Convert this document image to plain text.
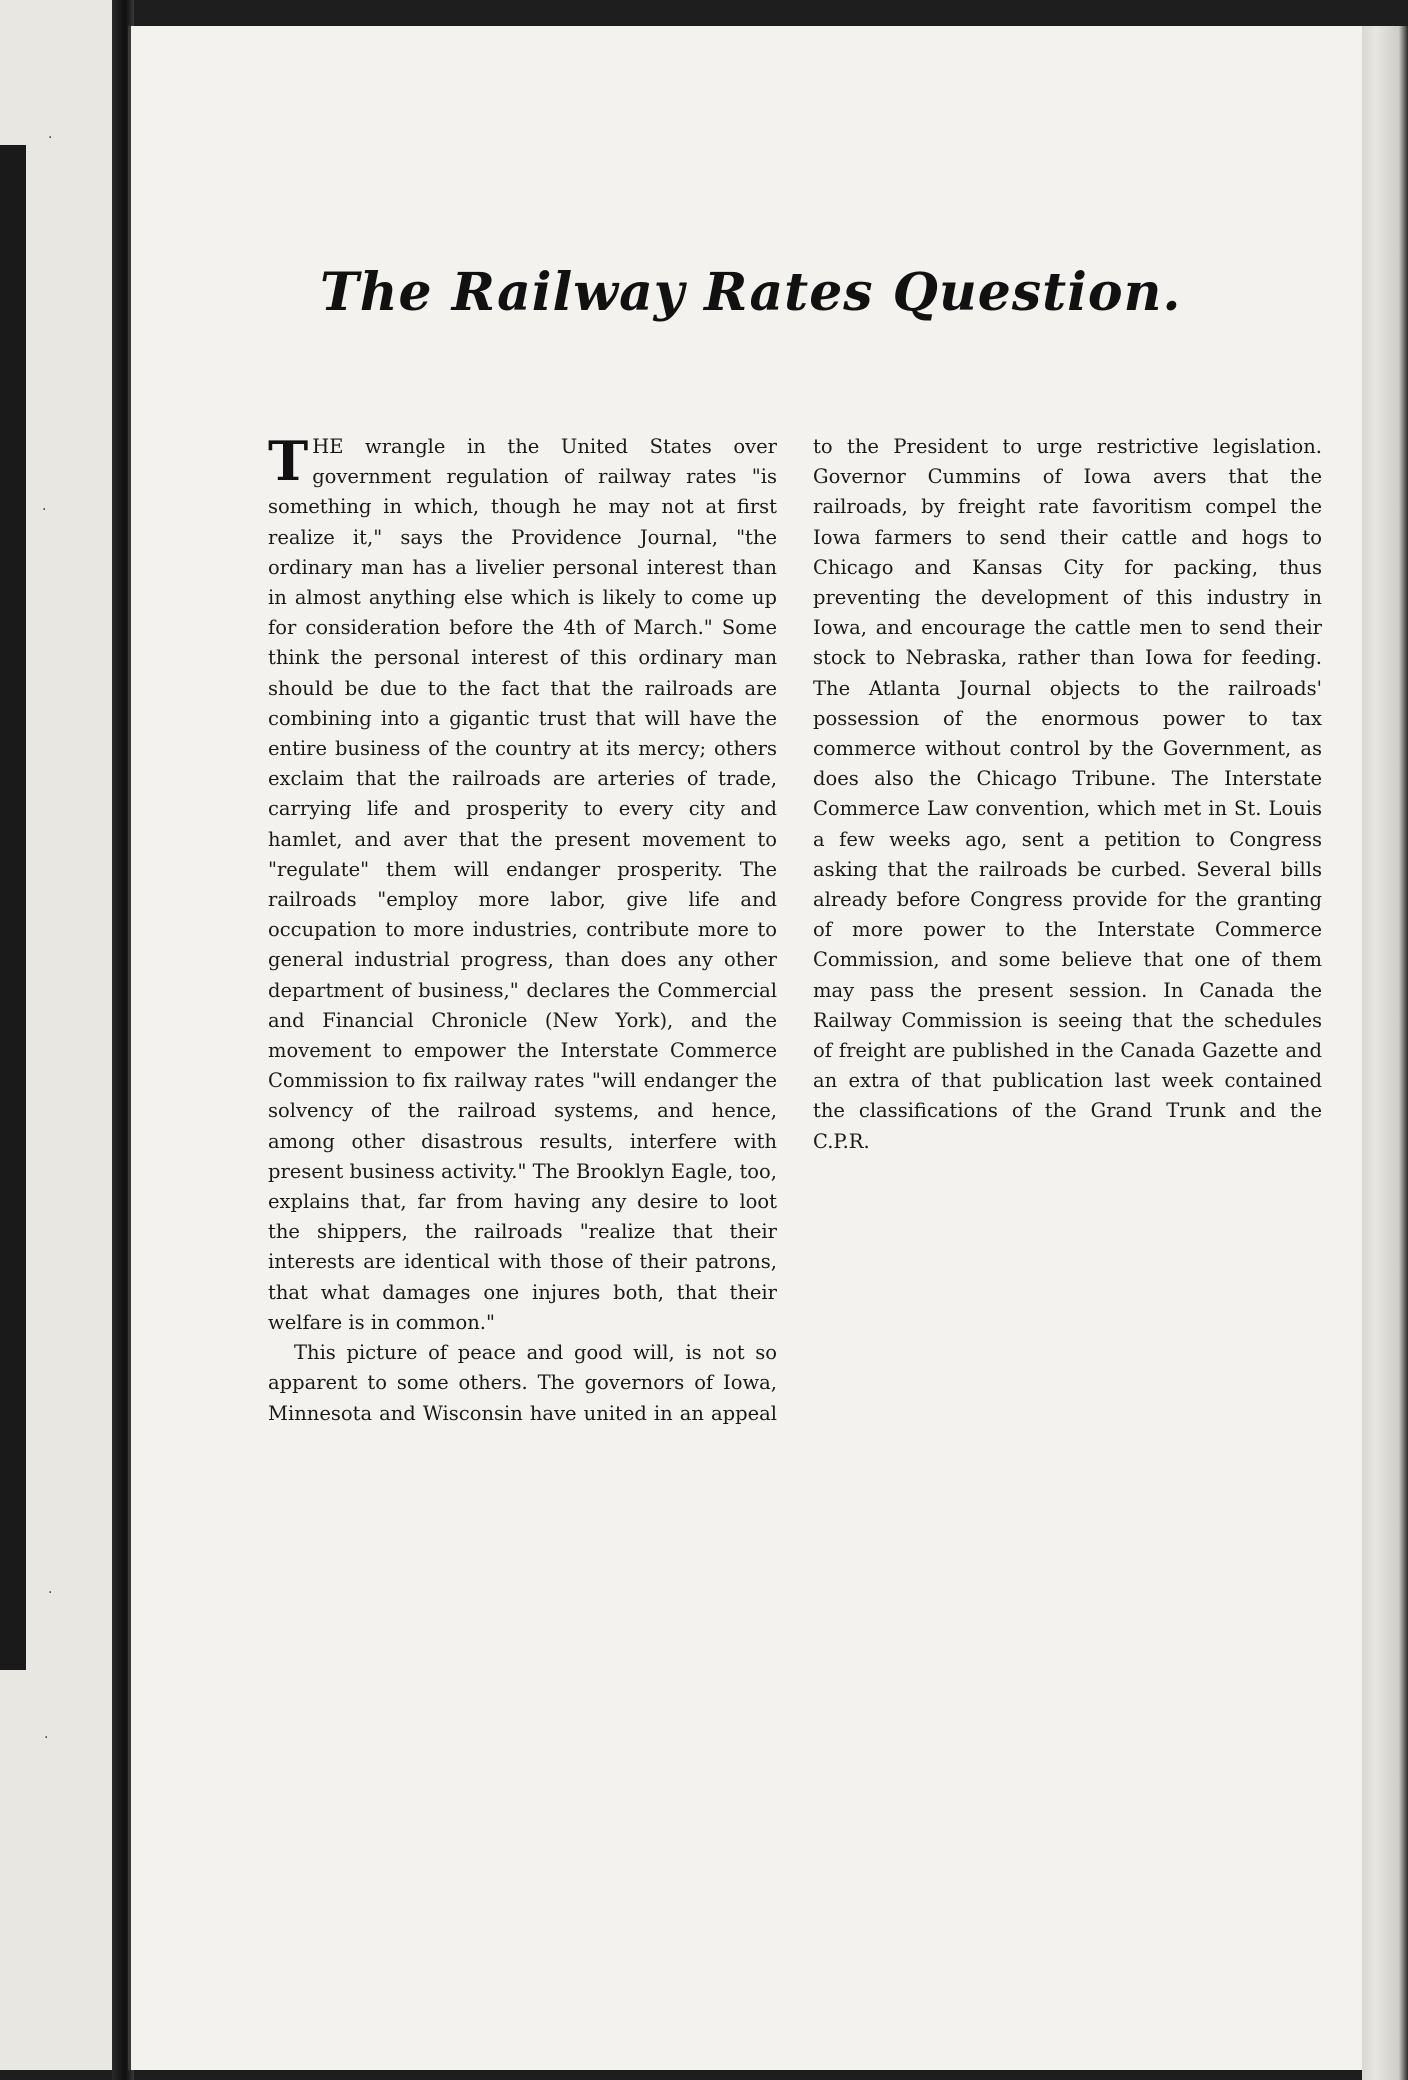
·
·
·
·
The Railway Rates Question.

THE wrangle in the United States over government regulation of railway rates "is something in which, though he may not at first realize it," says the Providence Journal, "the ordinary man has a livelier personal interest than in almost anything else which is likely to come up for consideration before the 4th of March." Some think the personal interest of this ordinary man should be due to the fact that the railroads are combining into a gigantic trust that will have the entire business of the country at its mercy; others exclaim that the railroads are arteries of trade, carrying life and prosperity to every city and hamlet, and aver that the present movement to "regulate" them will endanger prosperity. The railroads "employ more labor, give life and occupation to more industries, contribute more to general industrial progress, than does any other department of business," declares the Commercial and Financial Chronicle (New York), and the movement to empower the Interstate Commerce Commission to fix railway rates "will endanger the solvency of the railroad systems, and hence, among other disastrous results, interfere with present business activity." The Brooklyn Eagle, too, explains that, far from having any desire to loot the shippers, the railroads "realize that their interests are identical with those of their patrons, that what damages one injures both, that their welfare is in common."

This picture of peace and good will, is not so apparent to some others. The governors of Iowa, Minnesota and Wisconsin have united in an appeal to the President to urge restrictive legislation. Governor Cummins of Iowa avers that the railroads, by freight rate favoritism compel the Iowa farmers to send their cattle and hogs to Chicago and Kansas City for packing, thus preventing the development of this industry in Iowa, and encourage the cattle men to send their stock to Nebraska, rather than Iowa for feeding. The Atlanta Journal objects to the railroads' possession of the enormous power to tax commerce without control by the Government, as does also the Chicago Tribune. The Interstate Commerce Law convention, which met in St. Louis a few weeks ago, sent a petition to Congress asking that the railroads be curbed. Several bills already before Congress provide for the granting of more power to the Interstate Commerce Commission, and some believe that one of them may pass the present session. In Canada the Railway Commission is seeing that the schedules of freight are published in the Canada Gazette and an extra of that publication last week contained the classifications of the Grand Trunk and the C.P.R.
